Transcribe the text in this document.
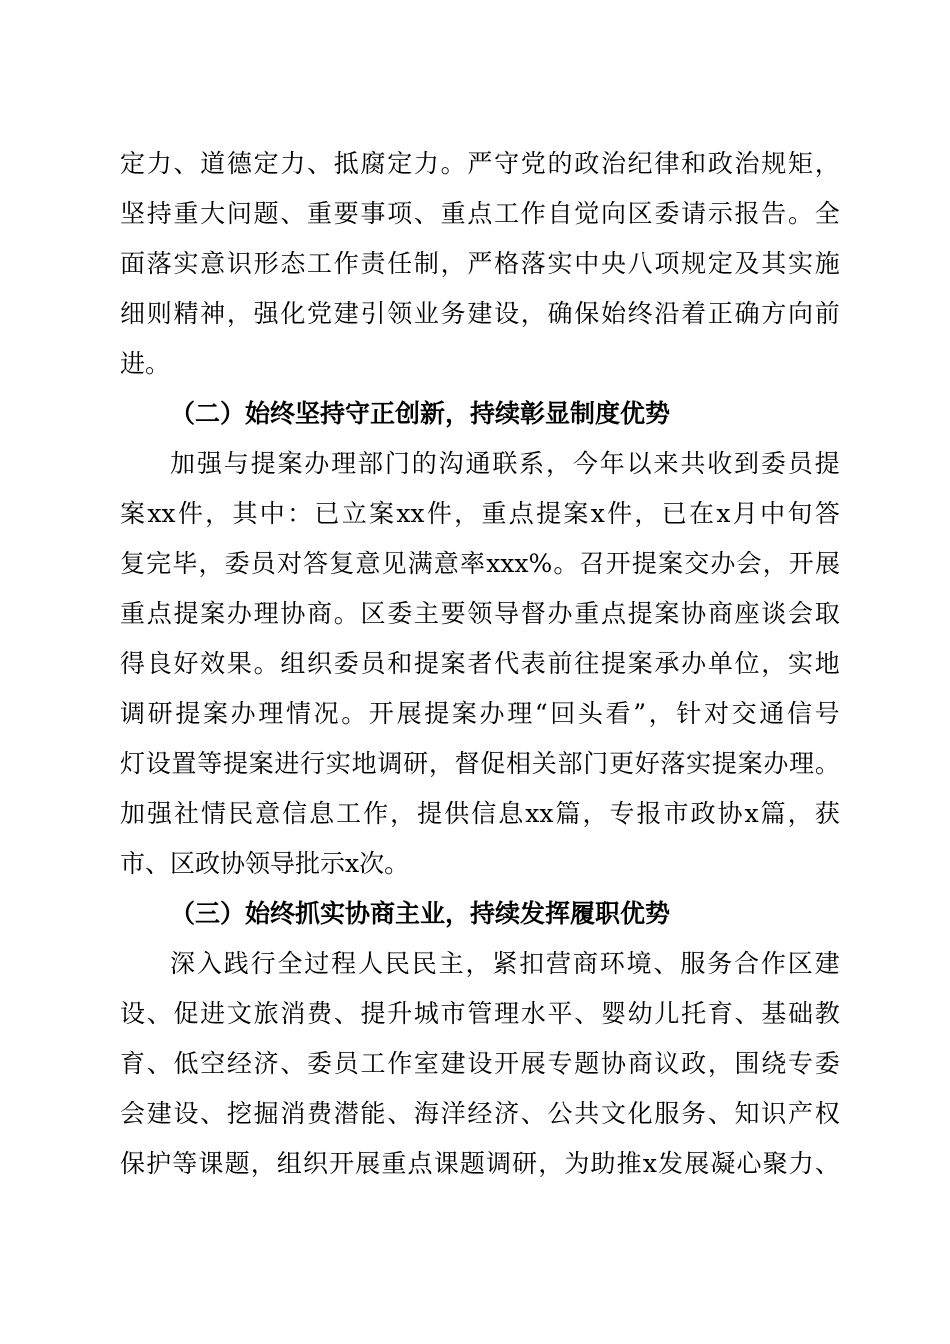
定 力 、 道 德 定 力 、 抵 腐 定 力 。 严 守 党 的 政 治 纪 律 和 政 治 规 矩 ，
坚 持 重 大 问 题 、 重 要 事 项 、 重 点 工 作 自 觉 向 区 委 请 示 报 告 。 全
面 落 实 意 识 形 态 工 作 责 任 制 ， 严 格 落 实 中 央 八 项 规 定 及 其 实 施
细 则 精 神 ， 强 化 党 建 引 领 业 务 建 设 ， 确 保 始 终 沿 着 正 确 方 向 前
进。
（二）始终坚持守正创新，持续彰显制度优势
加 强 与 提 案 办 理 部 门 的 沟 通 联 系 ， 今 年 以 来 共 收 到 委 员 提
案 xx 件 ， 其 中 ： 已 立 案 xx 件 ， 重 点 提 案 x 件 ， 已 在 x 月 中 旬 答
复 完 毕 ， 委 员 对 答 复 意 见 满 意 率 xxx% 。 召 开 提 案 交 办 会 ， 开 展
重 点 提 案 办 理 协 商 。 区 委 主 要 领 导 督 办 重 点 提 案 协 商 座 谈 会 取
得 良 好 效 果 。 组 织 委 员 和 提 案 者 代 表 前 往 提 案 承 办 单 位 ， 实 地
调 研 提 案 办 理 情 况 。 开 展 提 案 办 理 “ 回 头 看 ” ， 针 对 交 通 信 号
灯 设 置 等 提 案 进 行 实 地 调 研 ， 督 促 相 关 部 门 更 好 落 实 提 案 办 理 。
加 强 社 情 民 意 信 息 工 作 ， 提 供 信 息 xx 篇 ， 专 报 市 政 协 x 篇 ， 获
市、区政协领导批示x次。
（三）始终抓实协商主业，持续发挥履职优势
深 入 践 行 全 过 程 人 民 民 主 ， 紧 扣 营 商 环 境 、 服 务 合 作 区 建
设 、 促 进 文 旅 消 费 、 提 升 城 市 管 理 水 平 、 婴 幼 儿 托 育 、 基 础 教
育 、 低 空 经 济 、 委 员 工 作 室 建 设 开 展 专 题 协 商 议 政 ， 围 绕 专 委
会 建 设 、 挖 掘 消 费 潜 能 、 海 洋 经 济 、 公 共 文 化 服 务 、 知 识 产 权
保 护 等 课 题 ， 组 织 开 展 重 点 课 题 调 研 ， 为 助 推 x 发 展 凝 心 聚 力 、
